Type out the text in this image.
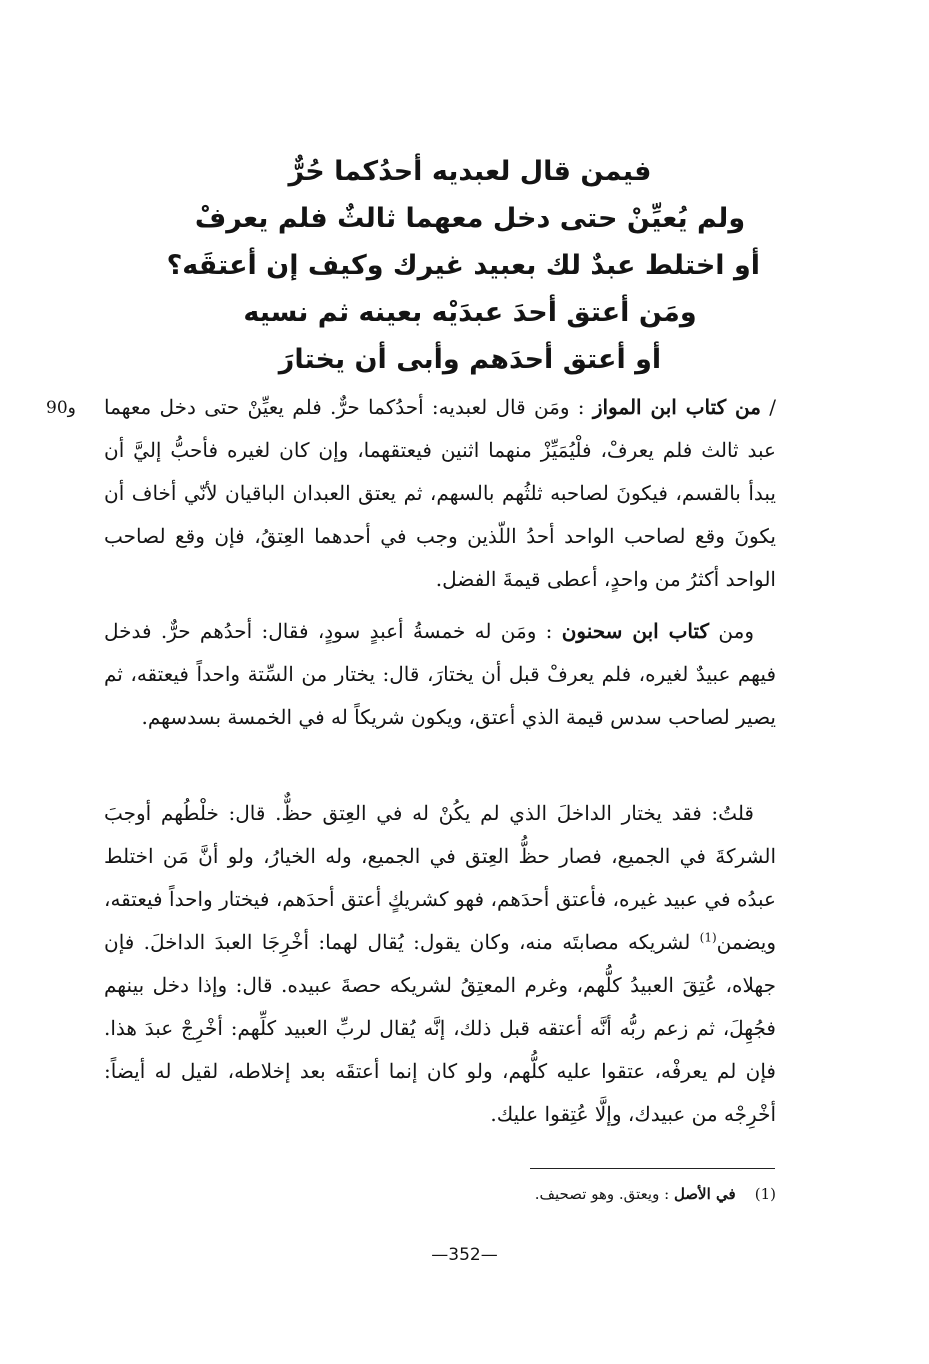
فيمن قال لعبديه أحدُكما حُرٌّ
ولم يُعيِّنْ حتى دخل معهما ثالثٌ فلم يعرفْ
أو اختلط عبدٌ لك بعبيد غيرك وكيف إن أعتقَه؟
ومَن أعتق أحدَ عبدَيْه بعينه ثم نسيه
أو أعتق أحدَهم وأبى أن يختارَ
و90	/ من كتاب ابن المواز : ومَن قال لعبديه: أحدُكما حرٌّ. فلم يعيِّنْ حتى دخل معهما عبد ثالث فلم يعرفْ، فلْيُمَيِّزْ منهما اثنين فيعتقهما، وإن كان لغيره فأحبُّ إليَّ أن يبدأ بالقسم، فيكونَ لصاحبه ثلثُهم بالسهم، ثم يعتق العبدان الباقيان لأنّي أخاف أن يكونَ وقع لصاحب الواحد أحدُ اللّذين وجب في أحدهما العِتقُ، فإن وقع لصاحب الواحد أكثرُ من واحدٍ، أعطى قيمةَ الفضل.

ومن كتاب ابن سحنون : ومَن له خمسةُ أعبدٍ سودٍ، فقال: أحدُهم حرٌّ. فدخل فيهم عبيدٌ لغيره، فلم يعرفْ قبل أن يختارَ، قال: يختار من السِّتة واحداً فيعتقه، ثم يصير لصاحب سدس قيمة الذي أعتق، ويكون شريكاً له في الخمسة بسدسهم.

قلتُ: فقد يختار الداخلَ الذي لم يكُنْ له في العِتق حظٌّ. قال: خلْطُهم أوجبَ الشركةَ في الجميع، فصار حظُّ العِتق في الجميع، وله الخيارُ، ولو أنَّ مَن اختلط عبدُه في عبيد غيره، فأعتق أحدَهم، فهو كشريكٍ أعتق أحدَهم، فيختار واحداً فيعتقه، ويضمن$^{(1)}$ لشريكه مصابتَه منه، وكان يقول: يُقال لهما: أخْرِجَا العبدَ الداخلَ. فإن جهلاه، عُتِقَ العبيدُ كلُّهم، وغرم المعتِقُ لشريكه حصةَ عبيده. قال: وإذا دخل بينهم فجُهِلَ، ثم زعم ربُّه أنَّه أعتقه قبل ذلك، إنَّه يُقال لربِّ العبيد كلِّهم: أخْرِجْ عبدَ هذا. فإن لم يعرفْه، عتقوا عليه كلُّهم، ولو كان إنما أعتقَه بعد إخلاطه، لقيل له أيضاً: أخْرِجْه من عبيدك، وإلَّا عُتِقوا عليك.

(1)    في الأصل : ويعتق. وهو تصحيف.
—352—
